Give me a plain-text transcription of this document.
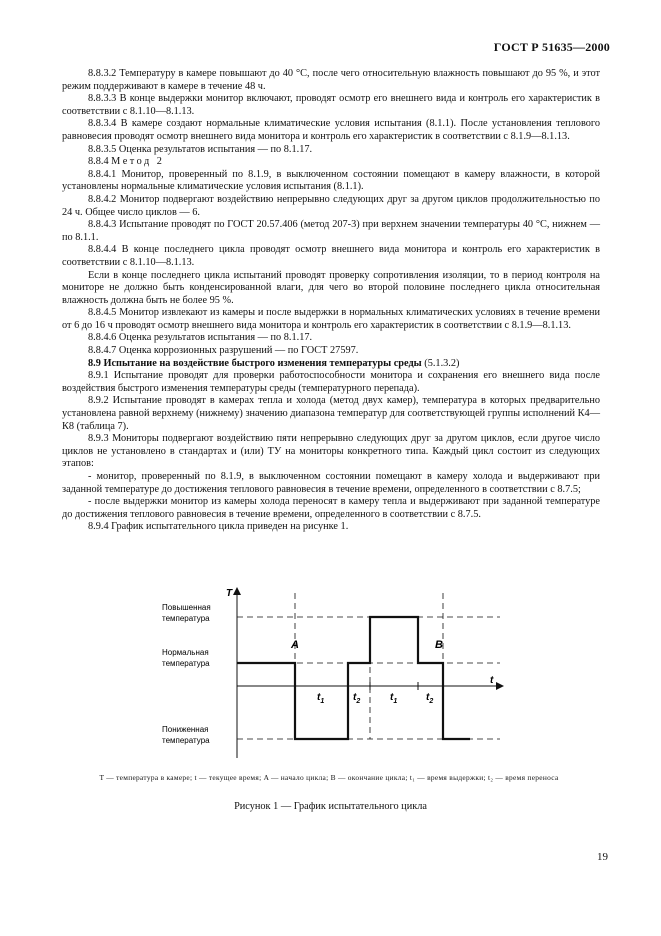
ГОСТ Р 51635—2000

8.8.3.2 Температуру в камере повышают до 40 °С, после чего относительную влажность повышают до 95 %, и этот режим поддерживают в камере в течение 48 ч.

8.8.3.3 В конце выдержки монитор включают, проводят осмотр его внешнего вида и контроль его характеристик в соответствии с 8.1.10—8.1.13.

8.8.3.4 В камере создают нормальные климатические условия испытания (8.1.1). После установления теплового равновесия проводят осмотр внешнего вида монитора и контроль его характеристик в соответствии с 8.1.9—8.1.13.

8.8.3.5 Оценка результатов испытания — по 8.1.17.

8.8.4 Метод 2

8.8.4.1 Монитор, проверенный по 8.1.9, в выключенном состоянии помещают в камеру влажности, в которой установлены нормальные климатические условия испытания (8.1.1).

8.8.4.2 Монитор подвергают воздействию непрерывно следующих друг за другом циклов продолжительностью по 24 ч. Общее число циклов — 6.

8.8.4.3 Испытание проводят по ГОСТ 20.57.406 (метод 207-3) при верхнем значении температуры 40 °С, нижнем — по 8.1.1.

8.8.4.4 В конце последнего цикла проводят осмотр внешнего вида монитора и контроль его характеристик в соответствии с 8.1.10—8.1.13.

Если в конце последнего цикла испытаний проводят проверку сопротивления изоляции, то в период контроля на мониторе не должно быть конденсированной влаги, для чего во второй половине последнего цикла относительная влажность должна быть не более 95 %.

8.8.4.5 Монитор извлекают из камеры и после выдержки в нормальных климатических условиях в течение времени от 6 до 16 ч проводят осмотр внешнего вида монитора и контроль его характеристик в соответствии с 8.1.9—8.1.13.

8.8.4.6 Оценка результатов испытания — по 8.1.17.

8.8.4.7 Оценка коррозионных разрушений — по ГОСТ 27597.

8.9 Испытание на воздействие быстрого изменения температуры среды (5.1.3.2)

8.9.1 Испытание проводят для проверки работоспособности монитора и сохранения его внешнего вида после воздействия быстрого изменения температуры среды (температурного перепада).

8.9.2 Испытание проводят в камерах тепла и холода (метод двух камер), температура в которых предварительно установлена равной верхнему (нижнему) значению диапазона температур для соответствующей группы исполнений К4—К8 (таблица 7).

8.9.3 Мониторы подвергают воздействию пяти непрерывно следующих друг за другом циклов, если другое число циклов не установлено в стандартах и (или) ТУ на мониторы конкретного типа. Каждый цикл состоит из следующих этапов:

- монитор, проверенный по 8.1.9, в выключенном состоянии помещают в камеру холода и выдерживают при заданной температуре до достижения теплового равновесия в течение времени, определенного в соответствии с 8.7.5;

- после выдержки монитор из камеры холода переносят в камеру тепла и выдерживают при заданной температуре до достижения теплового равновесия в течение времени, определенного в соответствии с 8.7.5.

8.9.4 График испытательного цикла приведен на рисунке 1.

T
t
Повышенная
температура
Нормальная
температура
Пониженная
температура
A	B
$t_1$	$t_2$	$t_1$	$t_2$
T — температура в камере; t — текущее время; A — начало цикла; B — окончание цикла; t₁ — время выдержки; t₂ — время переноса
Рисунок 1 — График испытательного цикла
19
